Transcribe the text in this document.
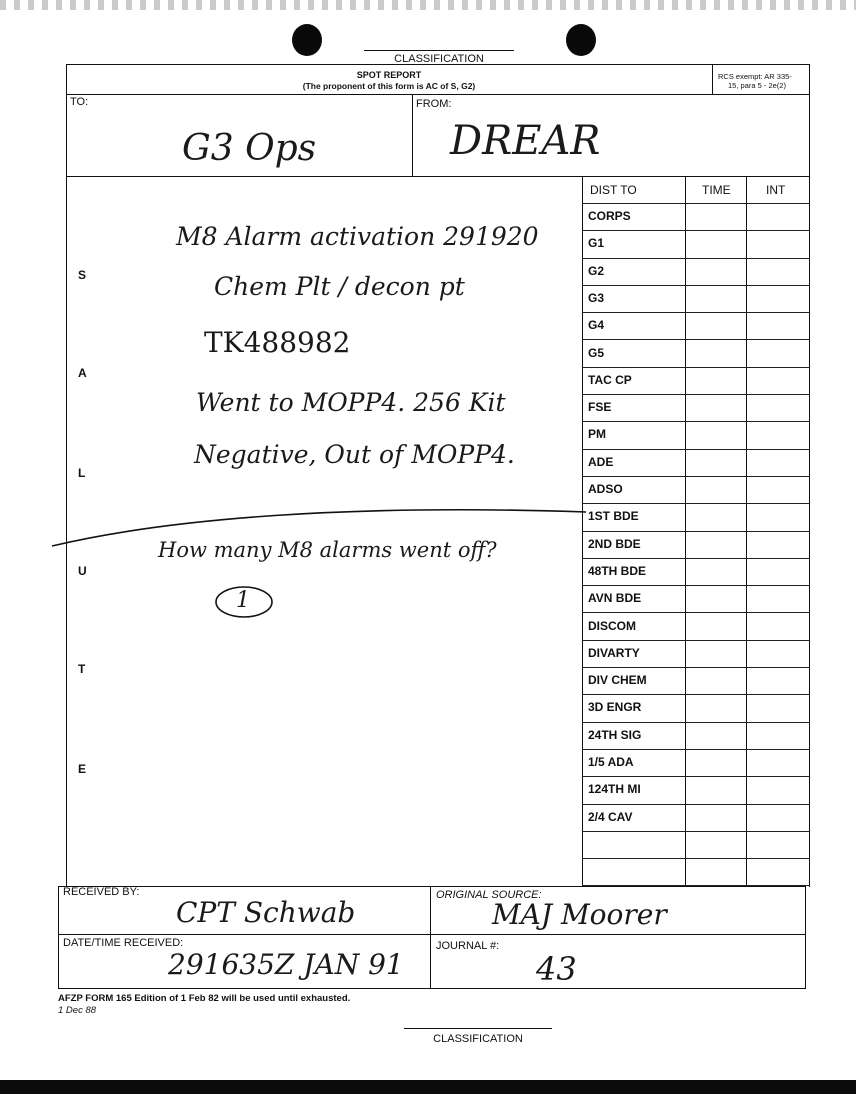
CLASSIFICATION
SPOT REPORT
(The proponent of this form is AC of S, G2)
RCS exempt: AR 335-
15, para 5 - 2e(2)
TO:	FROM:
G3 Ops	DREAR
S
A
L
U
T
E
M8 Alarm activation 291920
Chem Plt / decon pt
TK488982
Went to MOPP4. 256 Kit
Negative, Out of MOPP4.
How many M8 alarms went off?
1
DIST TO	TIME	INT
CORPS
G1
G2
G3
G4
G5
TAC CP
FSE
PM
ADE
ADSO
1ST BDE
2ND BDE
48TH BDE
AVN BDE
DISCOM
DIVARTY
DIV CHEM
3D ENGR
24TH SIG
1/5 ADA
124TH MI
2/4 CAV
RECEIVED BY:
CPT Schwab
ORIGINAL SOURCE:
MAJ Moorer
DATE/TIME RECEIVED:
291635Z JAN 91
JOURNAL #:
43
AFZP FORM 165 Edition of 1 Feb 82 will be used until exhausted.
1 Dec 88
CLASSIFICATION
